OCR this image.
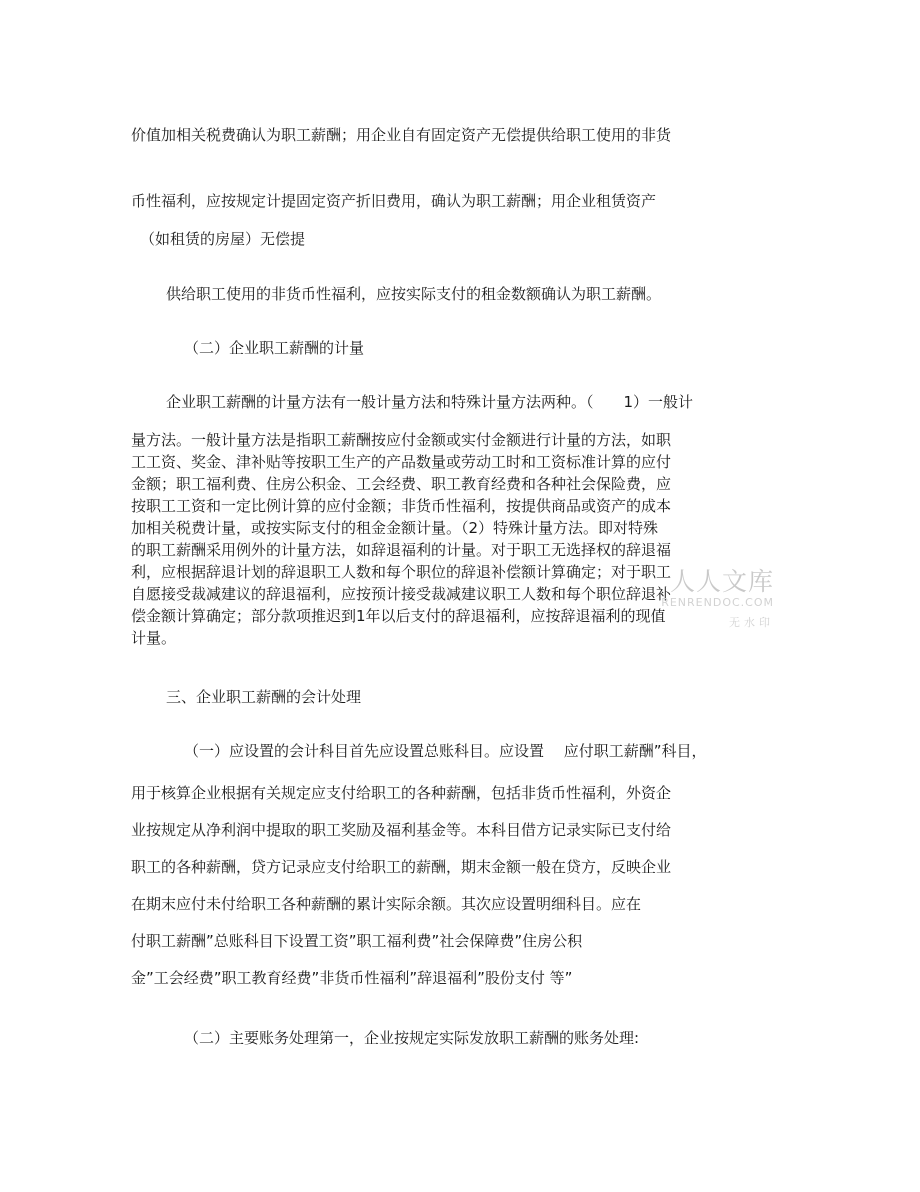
价值加相关税费确认为职工薪酬；用企业自有固定资产无偿提供给职工使用的非货
币性福利，应按规定计提固定资产折旧费用，确认为职工薪酬；用企业租赁资产
（如租赁的房屋）无偿提
供给职工使用的非货币性福利，应按实际支付的租金数额确认为职工薪酬。
（二）企业职工薪酬的计量
企业职工薪酬的计量方法有一般计量方法和特殊计量方法两种。（　　1）一般计
量方法。一般计量方法是指职工薪酬按应付金额或实付金额进行计量的方法，如职
工工资、奖金、津补贴等按职工生产的产品数量或劳动工时和工资标准计算的应付
金额；职工福利费、住房公积金、工会经费、职工教育经费和各种社会保险费，应
按职工工资和一定比例计算的应付金额；非货币性福利，按提供商品或资产的成本
加相关税费计量，或按实际支付的租金金额计量。（2）特殊计量方法。即对特殊
的职工薪酬采用例外的计量方法，如辞退福利的计量。对于职工无选择权的辞退福
利，应根据辞退计划的辞退职工人数和每个职位的辞退补偿额计算确定；对于职工
自愿接受裁减建议的辞退福利，应按预计接受裁减建议职工人数和每个职位辞退补
偿金额计算确定；部分款项推迟到1年以后支付的辞退福利，应按辞退福利的现值
计量。
三、企业职工薪酬的会计处理
（一）应设置的会计科目首先应设置总账科目。应设置　 应付职工薪酬”科目，
用于核算企业根据有关规定应支付给职工的各种薪酬，包括非货币性福利，外资企
业按规定从净利润中提取的职工奖励及福利基金等。本科目借方记录实际已支付给
职工的各种薪酬，贷方记录应支付给职工的薪酬，期末金额一般在贷方，反映企业
在期末应付未付给职工各种薪酬的累计实际余额。其次应设置明细科目。应在
付职工薪酬”总账科目下设置工资”职工福利费”社会保障费”住房公积
金”工会经费”职工教育经费”非货币性福利”辞退福利”股份支付 等”
（二）主要账务处理第一，企业按规定实际发放职工薪酬的账务处理:
人人文库
RENRENDOC.COM
无水印
